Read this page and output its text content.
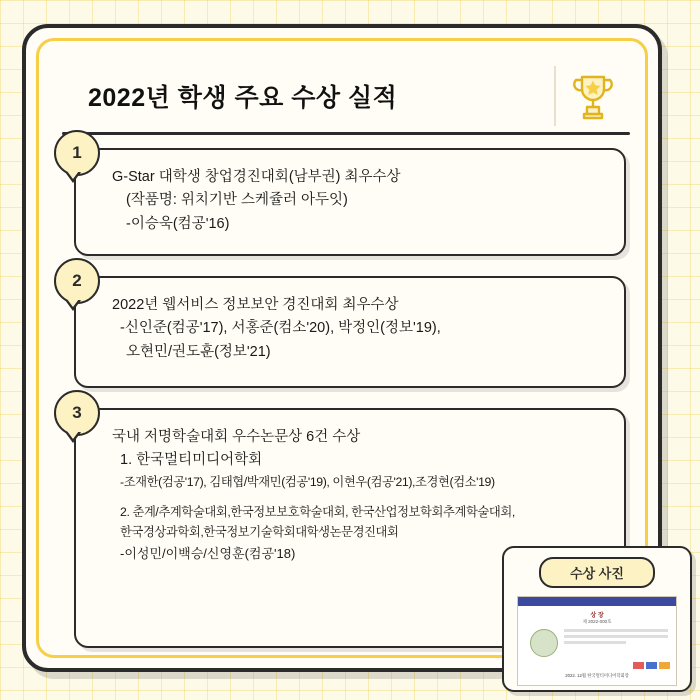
2022년 학생 주요 수상 실적
1
G-Star 대학생 창업경진대회(남부권) 최우수상
(작품명: 위치기반 스케쥴러 아두잇)
-이승욱(컴공'16)
2
2022년 웹서비스 정보보안 경진대회 최우수상
-신인준(컴공'17), 서홍준(컴소'20), 박정인(정보'19),
오현민/권도훈(정보'21)
3
국내 저명학술대회 우수논문상 6건 수상
1. 한국멀티미디어학회
-조재한(컴공'17), 김태협/박재민(컴공'19), 이현우(컴공'21),조경현(컴소'19)
2. 춘계/추계학술대회,한국정보보호학술대회, 한국산업정보학회추계학술대회,
한국경상과학회,한국정보기술학회대학생논문경진대회
-이성민/이백승/신영훈(컴공'18)
수상 사진
상 장
제 2022-000호
2022. 12월 한국멀티미디어학회장
